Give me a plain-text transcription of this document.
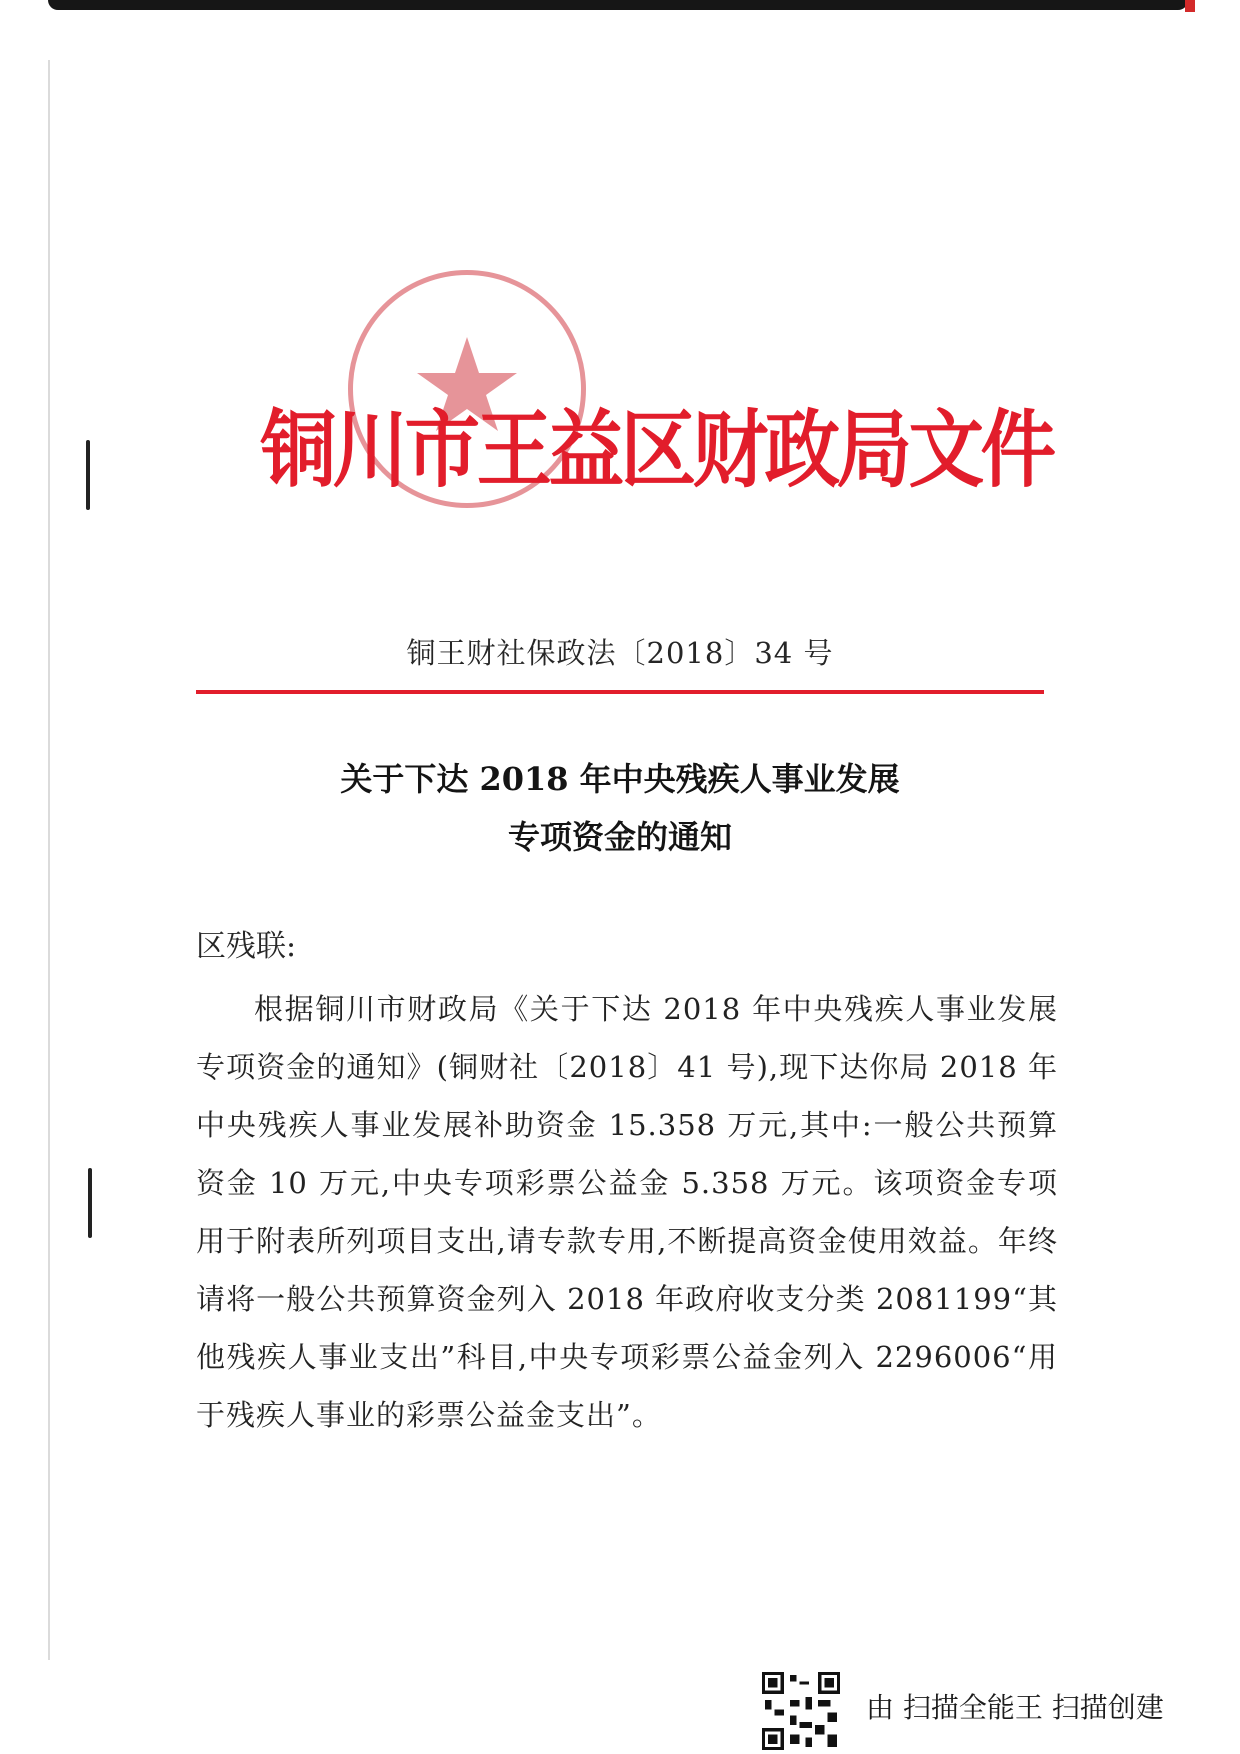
铜川市王益区财政局文件
铜王财社保政法〔2018〕34 号
关于下达 2018 年中央残疾人事业发展
专项资金的通知
区残联:
根据铜川市财政局《关于下达 2018 年中央残疾人事业发展专项资金的通知》(铜财社〔2018〕41 号),现下达你局 2018 年中央残疾人事业发展补助资金 15.358 万元,其中:一般公共预算资金 10 万元,中央专项彩票公益金 5.358 万元。该项资金专项用于附表所列项目支出,请专款专用,不断提高资金使用效益。年终请将一般公共预算资金列入 2018 年政府收支分类 2081199“其他残疾人事业支出”科目,中央专项彩票公益金列入 2296006“用于残疾人事业的彩票公益金支出”。
由 扫描全能王 扫描创建
